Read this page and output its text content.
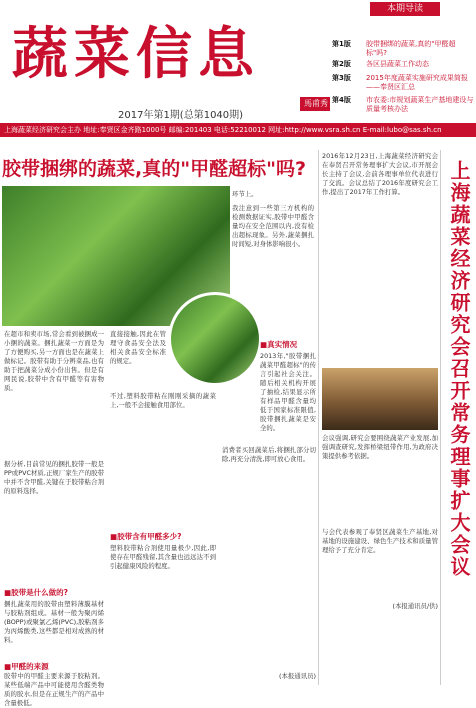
蔬菜信息
2017年第1期(总第1040期)
馬甫秀
本期导读
第1版	胶带捆绑的蔬菜,真的"甲醛超标"吗?
第2版	各区县蔬菜工作动态
第3版	2015年度蔬菜实施研究成果简报——奉贤区汇总
第4版	市农委:市规划蔬菜生产基地建设与质量考核办法
上海蔬菜经济研究会主办 地址:奉贤区金齐路1000号 邮编:201403 电话:52210012 网址:http://www.vsra.sh.cn E-mail:lubo@sas.sh.cn
胶带捆绑的蔬菜,真的"甲醛超标"吗?
在超市和卖市场,常会看到被捆成一小捆的蔬菜。捆扎蔬菜一方面是为了方便购买,另一方面也是在蔬菜上做标记。胶带有助于分辨菜品,也有助于把蔬菜分成小份出售。但是有网民说,胶带中含有甲醛等有害物质。
据分析,目前常见的捆扎胶带一般是PP或PVC材质,正规厂家生产的胶带中并不含甲醛,关键在于胶带粘合剂的原料选择。
■胶带是什么做的?
捆扎蔬菜用的胶带由塑料薄膜基材与胶粘剂组成。基材一般为聚丙烯(BOPP)或聚氯乙烯(PVC),胶粘剂多为丙烯酸类,这些都是相对成熟的材料。
■甲醛的来源
胶带中的甲醛主要来源于胶粘剂。某些低端产品中可能使用含醛类物质的胶水,但是在正规生产的产品中含量极低。
直接接触,因此在管理守食品安全法及相关食品安全标准的规定。
不过,塑料胶带粘在刚刚采摘的蔬菜上,一般不会接触食用部位。
■胶带含有甲醛多少?
塑料胶带粘合剂使用量极少,因此,即使存在甲醛残留,其含量也远远达不到引起健康风险的程度。
环节上。
我注意到一些第三方机构的检测数据证实,胶带中甲醛含量均在安全范围以内,没有检出超标现象。另外,蔬菜捆扎时间短,对身体影响很小。
■真实情况
2013年,"胶带捆扎蔬菜甲醛超标"的传言引起社会关注。随后相关机构开展了抽检,结果显示所有样品甲醛含量均低于国家标准限值,胶带捆扎蔬菜是安全的。
消费者买回蔬菜后,将捆扎部分切除,再充分清洗,即可放心食用。
(本报通讯员)
2016年12月23日,上海蔬菜经济研究会在奉贤召开常务理事扩大会议,市开展会长主持了会议,会前各理事单位代表进行了交流。会议总结了2016年度研究会工作,提出了2017年工作打算。
会议强调,研究会要围绕蔬菜产业发展,加强调查研究,发挥桥梁纽带作用,为政府决策提供参考依据。
与会代表参观了奉贤区蔬菜生产基地,对基地的设施建设、绿色生产技术和质量管理给予了充分肯定。
(本报通讯员/供)
上海蔬菜经济研究会召开常务理事扩大会议
